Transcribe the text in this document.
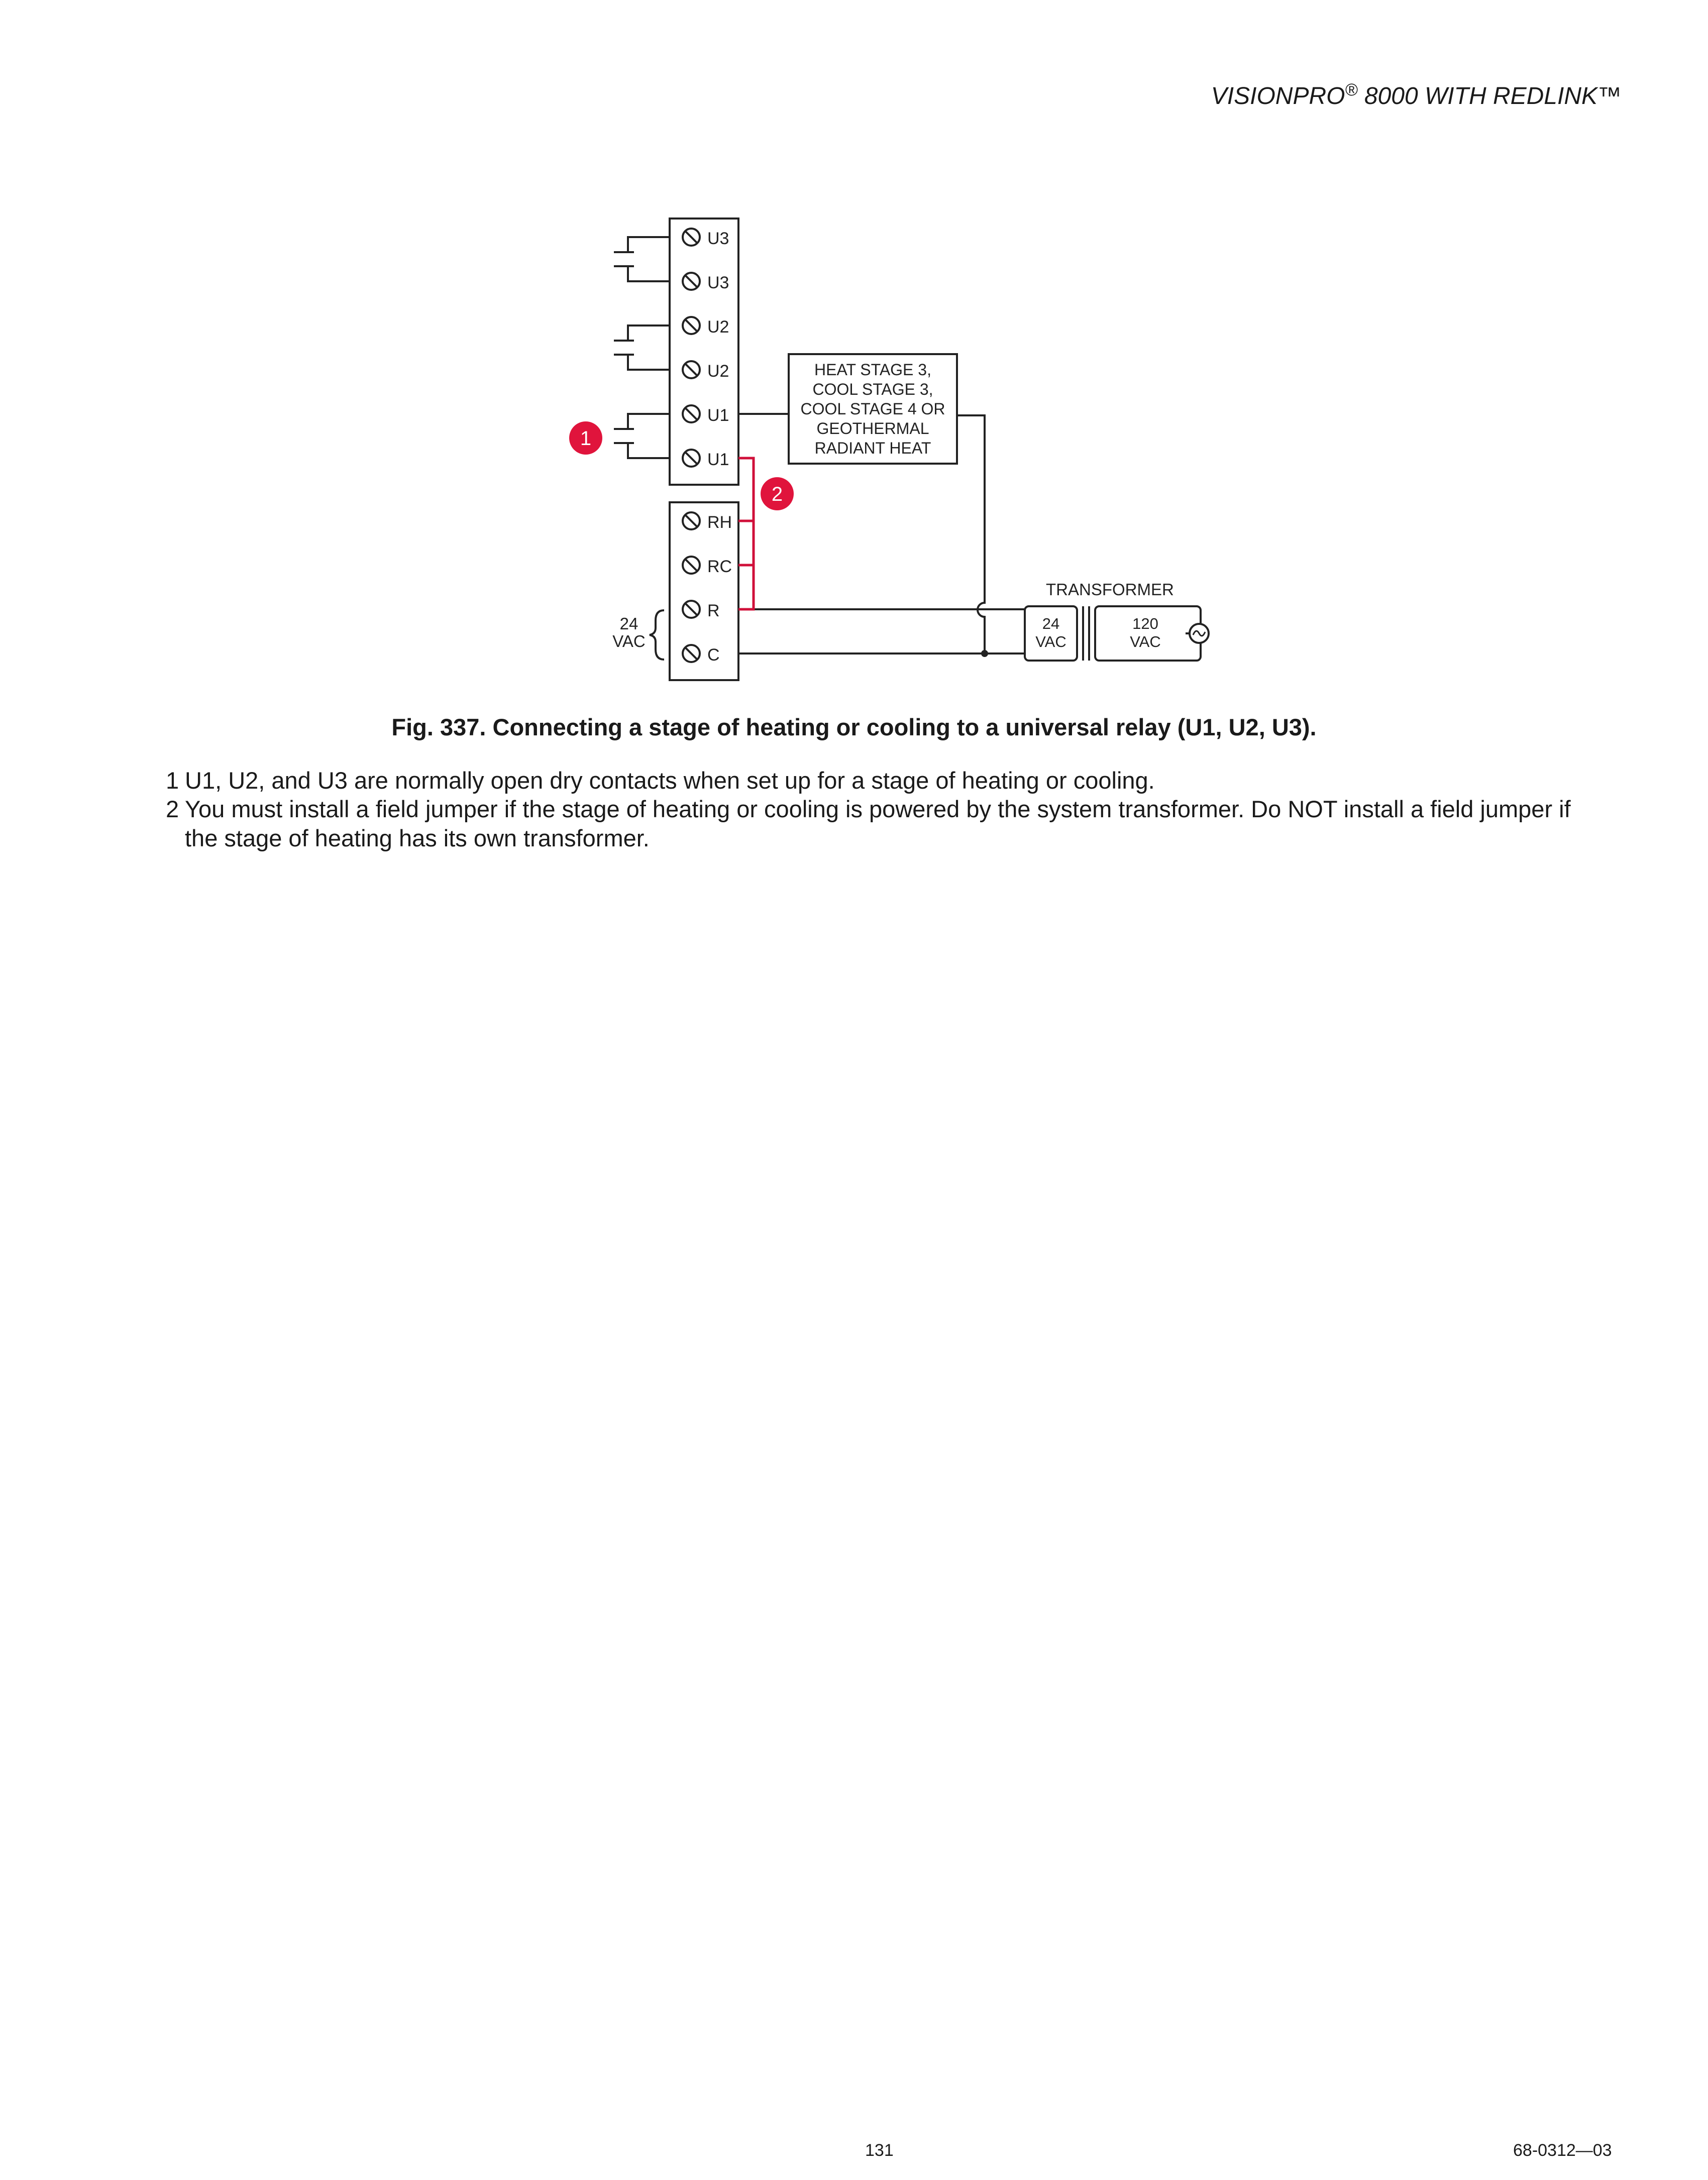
VISIONPRO® 8000 WITH REDLINK™
U3
U3
U2
U2
U1
U1
RH
RC
R
C
HEAT STAGE 3,
COOL STAGE 3,
COOL STAGE 4 OR
GEOTHERMAL
RADIANT HEAT
TRANSFORMER
24
VAC
120
VAC
24
VAC
1
2
Fig. 337. Connecting a stage of heating or cooling to a universal relay (U1, U2, U3).
1 U1, U2, and U3 are normally open dry contacts when set up for a stage of heating or cooling.
2 You must install a field jumper if the stage of heating or cooling is powered by the system transformer. Do NOT install a field jumper if the stage of heating has its own transformer.
131	68-0312—03
